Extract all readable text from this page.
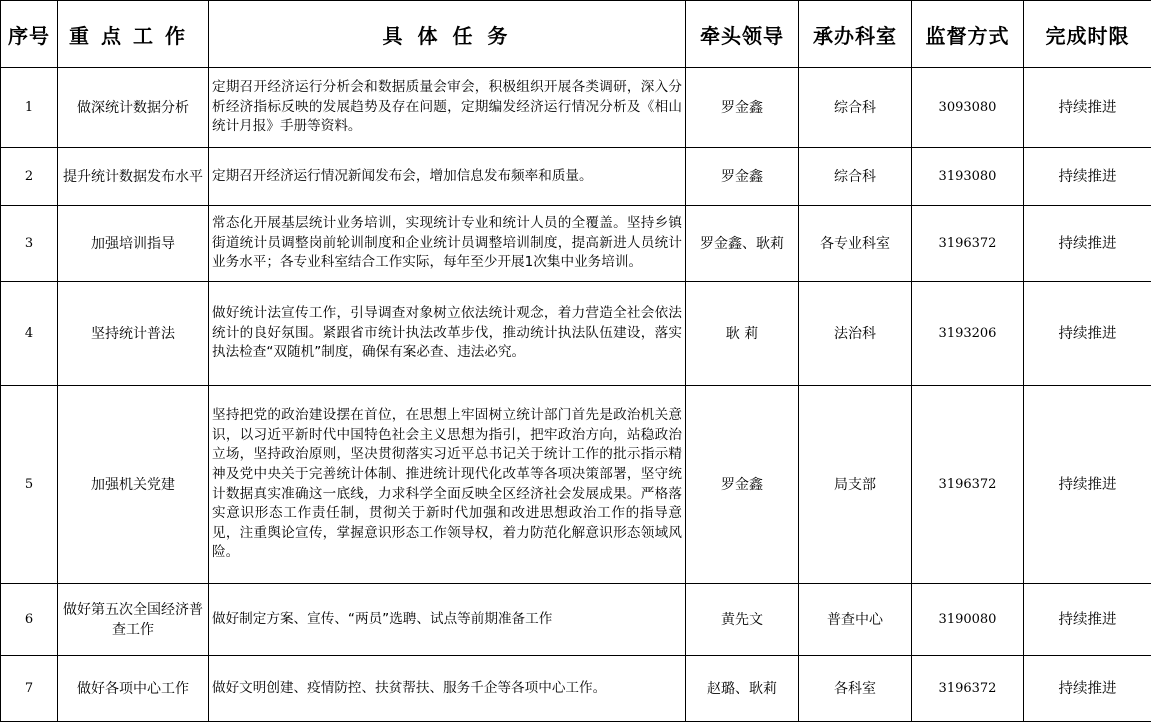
序号	重点工作	具 体 任 务	牵头领导	承办科室	监督方式	完成时限
1	做深统计数据分析	定期召开经济运行分析会和数据质量会审会，积极组织开展各类调研，深入分析经济指标反映的发展趋势及存在问题，定期编发经济运行情况分析及《相山统计月报》手册等资料。	罗金鑫	综合科	3093080	持续推进
2	提升统计数据发布水平	定期召开经济运行情况新闻发布会，增加信息发布频率和质量。	罗金鑫	综合科	3193080	持续推进
3	加强培训指导	常态化开展基层统计业务培训，实现统计专业和统计人员的全覆盖。坚持乡镇街道统计员调整岗前轮训制度和企业统计员调整培训制度，提高新进人员统计业务水平；各专业科室结合工作实际，每年至少开展1次集中业务培训。	罗金鑫、耿莉	各专业科室	3196372	持续推进
4	坚持统计普法	做好统计法宣传工作，引导调查对象树立依法统计观念，着力营造全社会依法统计的良好氛围。紧跟省市统计执法改革步伐，推动统计执法队伍建设，落实执法检查“双随机”制度，确保有案必查、违法必究。	耿 莉	法治科	3193206	持续推进
5	加强机关党建	坚持把党的政治建设摆在首位，在思想上牢固树立统计部门首先是政治机关意识，以习近平新时代中国特色社会主义思想为指引，把牢政治方向，站稳政治立场，坚持政治原则，坚决贯彻落实习近平总书记关于统计工作的批示指示精神及党中央关于完善统计体制、推进统计现代化改革等各项决策部署，坚守统计数据真实准确这一底线，力求科学全面反映全区经济社会发展成果。严格落实意识形态工作责任制，贯彻关于新时代加强和改进思想政治工作的指导意见，注重舆论宣传，掌握意识形态工作领导权，着力防范化解意识形态领域风险。	罗金鑫	局支部	3196372	持续推进
6	做好第五次全国经济普查工作	做好制定方案、宣传、“两员”选聘、试点等前期准备工作	黄先文	普查中心	3190080	持续推进
7	做好各项中心工作	做好文明创建、疫情防控、扶贫帮扶、服务千企等各项中心工作。	赵璐、耿莉	各科室	3196372	持续推进
